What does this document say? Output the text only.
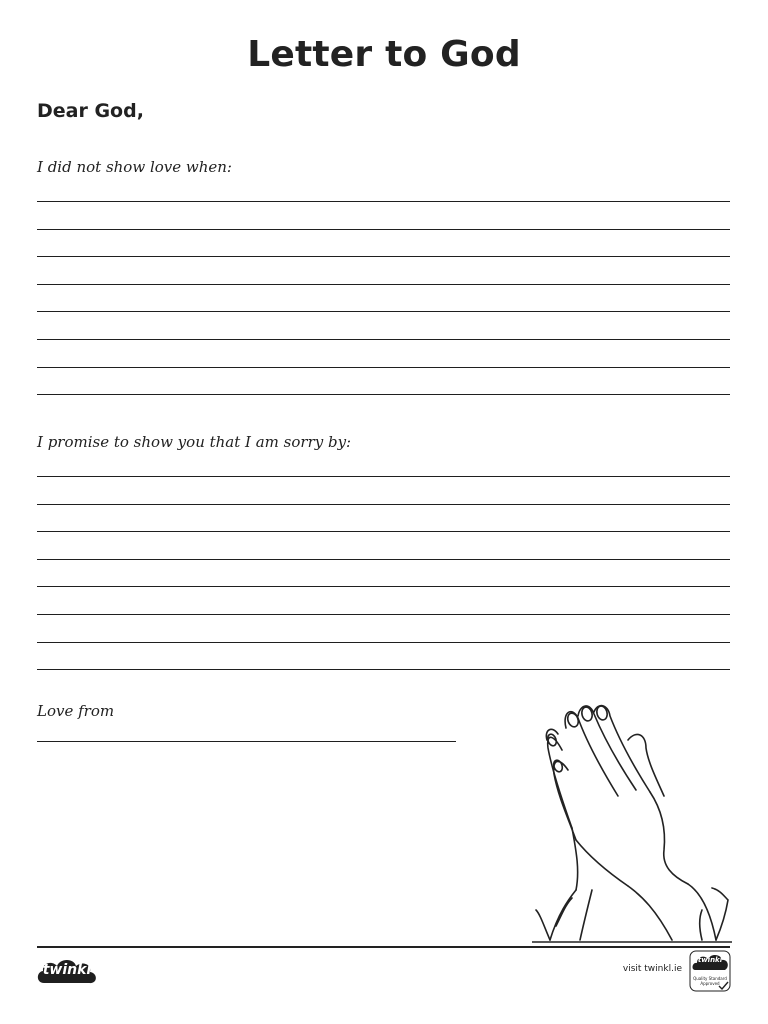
Letter to God
Dear God,
I did not show love when:
I promise to show you that I am sorry by:
Love from
twinkl	visit twinkl.ie
twinkl
Quality Standard Approved
